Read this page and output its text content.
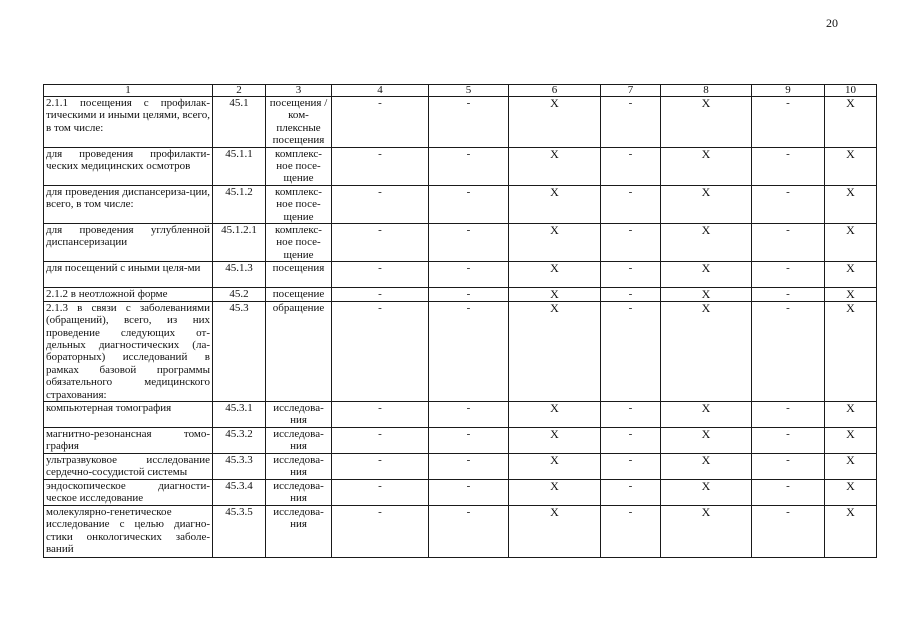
20
1	2	3	4	5	6	7	8	9	10
2.1.1 посещения с профилак-тическими и иными целями, всего, в том числе:	45.1	посещения / ком-плексные посещения	-	-	X	-	X	-	X
для проведения профилакти-ческих медицинских осмотров	45.1.1	комплекс-ное посе-щение	-	-	X	-	X	-	X
для проведения диспансериза-ции, всего, в том числе:	45.1.2	комплекс-ное посе-щение	-	-	X	-	X	-	X
для проведения углубленной диспансеризации	45.1.2.1	комплекс-ное посе-щение	-	-	X	-	X	-	X
для посещений с иными целя-ми	45.1.3	посещения	-	-	X	-	X	-	X
2.1.2 в неотложной форме	45.2	посещение	-	-	X	-	X	-	X
2.1.3 в связи с заболеваниями (обращений), всего, из них проведение следующих от-дельных диагностических (ла-бораторных) исследований в рамках базовой программы обязательного медицинского страхования:	45.3	обращение	-	-	X	-	X	-	X
компьютерная томография	45.3.1	исследова-ния	-	-	X	-	X	-	X
магнитно-резонансная томо-графия	45.3.2	исследова-ния	-	-	X	-	X	-	X
ультразвуковое исследование сердечно-сосудистой системы	45.3.3	исследова-ния	-	-	X	-	X	-	X
эндоскопическое диагности-ческое исследование	45.3.4	исследова-ния	-	-	X	-	X	-	X
молекулярно-генетическое исследование с целью диагно-стики онкологических заболе-ваний	45.3.5	исследова-ния	-	-	X	-	X	-	X
